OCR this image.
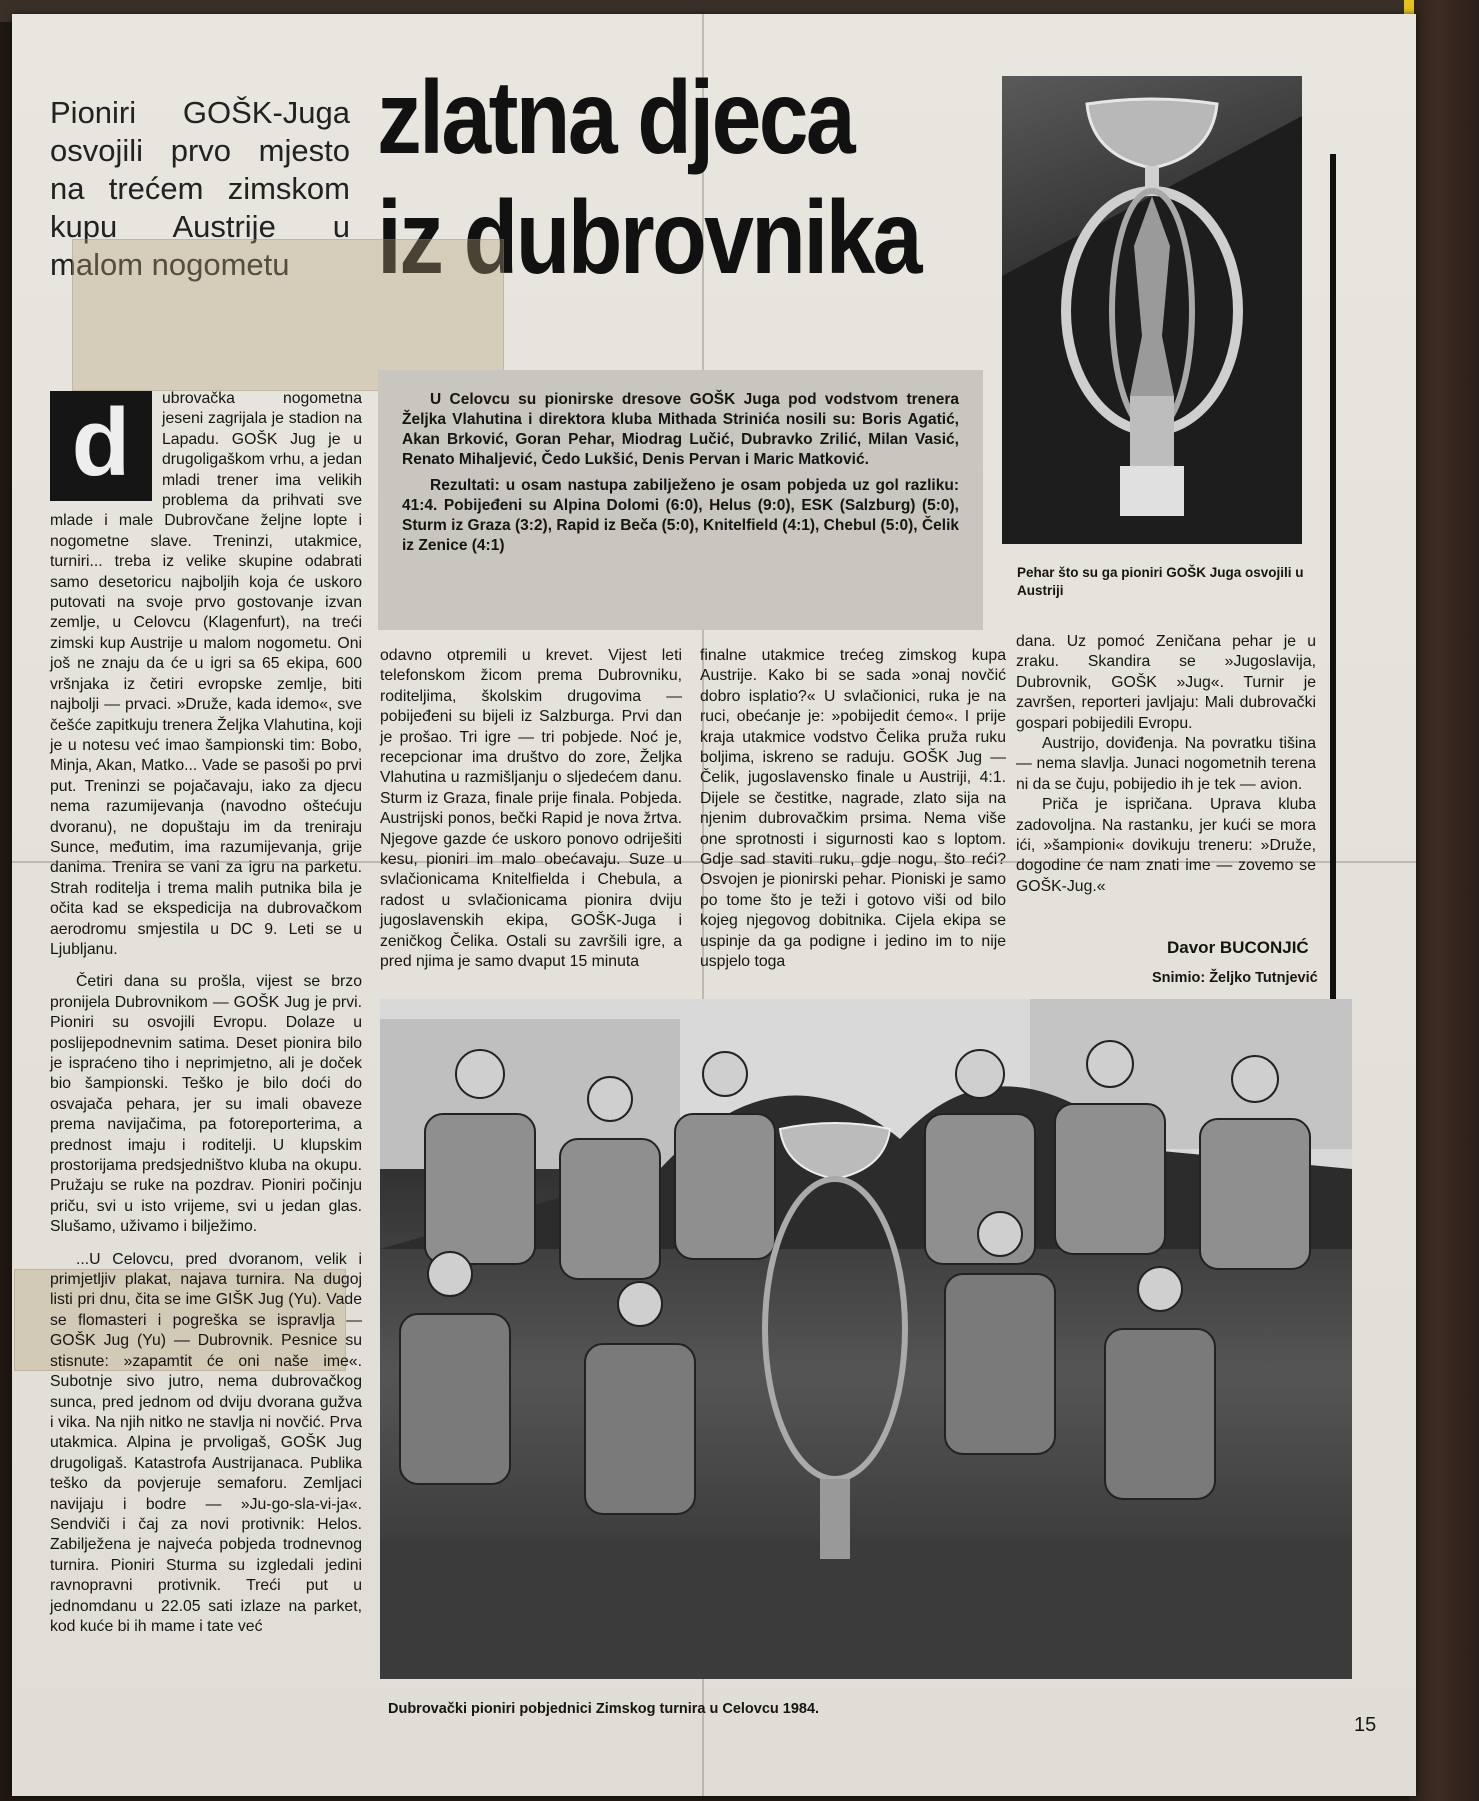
Pioniri GOŠK-Juga osvojili prvo mjesto na trećem zimskom kupu Austrije u malom nogometu
zlatna djeca
iz dubrovnika

U Celovcu su pionirske dresove GOŠK Juga pod vodstvom trenera Željka Vlahutina i direktora kluba Mithada Strinića nosili su: Boris Agatić, Akan Brković, Goran Pehar, Miodrag Lučić, Dubravko Zrilić, Milan Vasić, Renato Mihaljević, Čedo Lukšić, Denis Pervan i Maric Matković.

Rezultati: u osam nastupa zabilježeno je osam pobjeda uz gol razliku: 41:4. Pobijeđeni su Alpina Dolomi (6:0), Helus (9:0), ESK (Salzburg) (5:0), Sturm iz Graza (3:2), Rapid iz Beča (5:0), Knitelfield (4:1), Chebul (5:0), Čelik iz Zenice (4:1)

Pehar što su ga pioniri GOŠK Juga osvojili u Austriji
d	ubrovačka nogometna jeseni zagrijala je stadion na Lapadu. GOŠK Jug je u drugoligaškom vrhu, a jedan mladi trener ima velikih problema da prihvati sve mlade i male Dubrovčane željne lopte i nogometne slave. Treninzi, utakmice, turniri... treba iz velike skupine odabrati samo desetoricu najboljih koja će uskoro putovati na svoje prvo gostovanje izvan zemlje, u Celovcu (Klagenfurt), na treći zimski kup Austrije u malom nogometu. Oni još ne znaju da će u igri sa 65 ekipa, 600 vršnjaka iz četiri evropske zemlje, biti najbolji — prvaci. »Druže, kada idemo«, sve češće zapitkuju trenera Željka Vlahutina, koji je u notesu već imao šampionski tim: Bobo, Minja, Akan, Matko... Vade se pasoši po prvi put. Treninzi se pojačavaju, iako za djecu nema razumijevanja (navodno oštećuju dvoranu), ne dopuštaju im da treniraju Sunce, međutim, ima razumijevanja, grije danima. Trenira se vani za igru na parketu. Strah roditelja i trema malih putnika bila je očita kad se ekspedicija na dubrovačkom aerodromu smjestila u DC 9. Leti se u Ljubljanu.

Četiri dana su prošla, vijest se brzo pronijela Dubrovnikom — GOŠK Jug je prvi. Pioniri su osvojili Evropu. Dolaze u poslijepodnevnim satima. Deset pionira bilo je ispraćeno tiho i neprimjetno, ali je doček bio šampionski. Teško je bilo doći do osvajača pehara, jer su imali obaveze prema navijačima, pa fotoreporterima, a prednost imaju i roditelji. U klupskim prostorijama predsjedništvo kluba na okupu. Pružaju se ruke na pozdrav. Pioniri počinju priču, svi u isto vrijeme, svi u jedan glas. Slušamo, uživamo i bilježimo.

...U Celovcu, pred dvoranom, velik i primjetljiv plakat, najava turnira. Na dugoj listi pri dnu, čita se ime GIŠK Jug (Yu). Vade se flomasteri i pogreška se ispravlja — GOŠK Jug (Yu) — Dubrovnik. Pesnice su stisnute: »zapamtit će oni naše ime«. Subotnje sivo jutro, nema dubrovačkog sunca, pred jednom od dviju dvorana gužva i vika. Na njih nitko ne stavlja ni novčić. Prva utakmica. Alpina je prvoligaš, GOŠK Jug drugoligaš. Katastrofa Austrijanaca. Publika teško da povjeruje semaforu. Zemljaci navijaju i bodre — »Ju-go-sla-vi-ja«. Sendviči i čaj za novi protivnik: Helos. Zabilježena je najveća pobjeda trodnevnog turnira. Pioniri Sturma su izgledali jedini ravnopravni protivnik. Treći put u jednomdanu u 22.05 sati izlaze na parket, kod kuće bi ih mame i tate već

odavno otpremili u krevet. Vijest leti telefonskom žicom prema Dubrovniku, roditeljima, školskim drugovima — pobijeđeni su bijeli iz Salzburga. Prvi dan je prošao. Tri igre — tri pobjede. Noć je, recepcionar ima društvo do zore, Željka Vlahutina u razmišljanju o sljedećem danu. Sturm iz Graza, finale prije finala. Pobjeda. Austrijski ponos, bečki Rapid je nova žrtva. Njegove gazde će uskoro ponovo odriješiti kesu, pioniri im malo obećavaju. Suze u svlačionicama Knitelfielda i Chebula, a radost u svlačionicama pionira dviju jugoslavenskih ekipa, GOŠK-Juga i zeničkog Čelika. Ostali su završili igre, a pred njima je samo dvaput 15 minuta

finalne utakmice trećeg zimskog kupa Austrije. Kako bi se sada »onaj novčić dobro isplatio?« U svlačionici, ruka je na ruci, obećanje je: »pobijedit ćemo«. I prije kraja utakmice vodstvo Čelika pruža ruku boljima, iskreno se raduju. GOŠK Jug — Čelik, jugoslavensko finale u Austriji, 4:1. Dijele se čestitke, nagrade, zlato sija na njenim dubrovačkim prsima. Nema više one sprotnosti i sigurnosti kao s loptom. Gdje sad staviti ruku, gdje nogu, što reći? Osvojen je pionirski pehar. Pioniski je samo po tome što je teži i gotovo viši od bilo kojeg njegovog dobitnika. Cijela ekipa se uspinje da ga podigne i jedino im to nije uspjelo toga

dana. Uz pomoć Zeničana pehar je u zraku. Skandira se »Jugoslavija, Dubrovnik, GOŠK »Jug«. Turnir je završen, reporteri javljaju: Mali dubrovački gospari pobijedili Evropu.

Austrijo, doviđenja. Na povratku tišina — nema slavlja. Junaci nogometnih terena ni da se čuju, pobijedio ih je tek — avion.

Priča je ispričana. Uprava kluba zadovoljna. Na rastanku, jer kući se mora ići, »šampioni« dovikuju treneru: »Druže, dogodine će nam znati ime — zovemo se GOŠK-Jug.«

Davor BUCONJIĆ
Snimio: Željko Tutnjević
Dubrovački pioniri pobjednici Zimskog turnira u Celovcu 1984.
15
